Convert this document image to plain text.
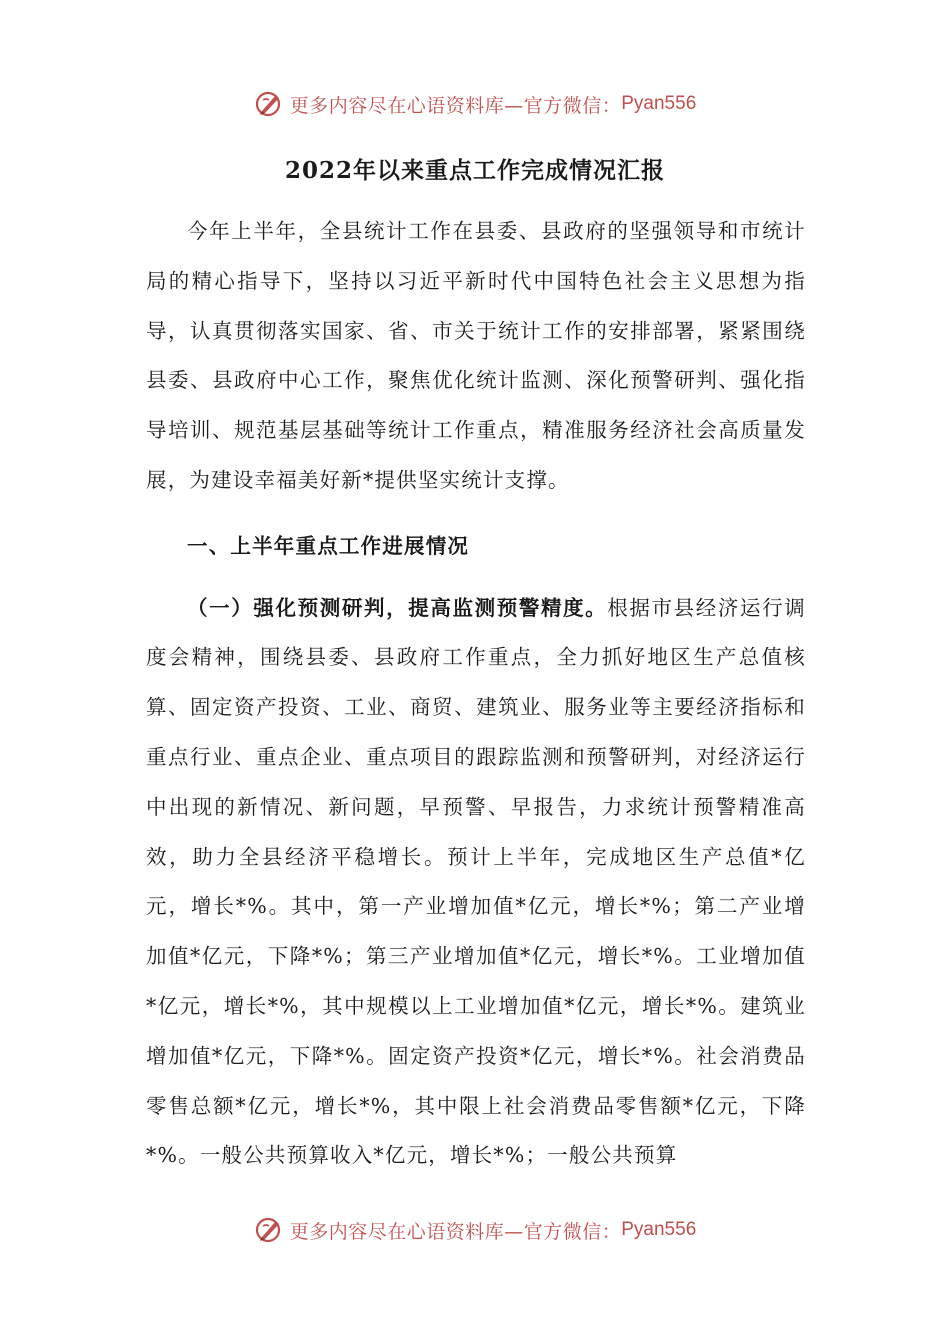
更多内容尽在心语资料库—官方微信： Pyan556
2022年以来重点工作完成情况汇报

今年上半年，全县统计工作在县委、县政府的坚强领导和市统计局的精心指导下，坚持以习近平新时代中国特色社会主义思想为指导，认真贯彻落实国家、省、市关于统计工作的安排部署，紧紧围绕县委、县政府中心工作，聚焦优化统计监测、深化预警研判、强化指导培训、规范基层基础等统计工作重点，精准服务经济社会高质量发展，为建设幸福美好新*提供坚实统计支撑。

一、上半年重点工作进展情况

（一）强化预测研判，提高监测预警精度。根据市县经济运行调度会精神，围绕县委、县政府工作重点，全力抓好地区生产总值核算、固定资产投资、工业、商贸、建筑业、服务业等主要经济指标和重点行业、重点企业、重点项目的跟踪监测和预警研判，对经济运行中出现的新情况、新问题，早预警、早报告，力求统计预警精准高效，助力全县经济平稳增长。预计上半年，完成地区生产总值*亿元，增长*%。其中，第一产业增加值*亿元，增长*%；第二产业增加值*亿元，下降*%；第三产业增加值*亿元，增长*%。工业增加值*亿元，增长*%，其中规模以上工业增加值*亿元，增长*%。建筑业增加值*亿元，下降*%。固定资产投资*亿元，增长*%。社会消费品零售总额*亿元，增长*%，其中限上社会消费品零售额*亿元，下降*%。一般公共预算收入*亿元，增长*%；一般公共预算

更多内容尽在心语资料库—官方微信： Pyan556
